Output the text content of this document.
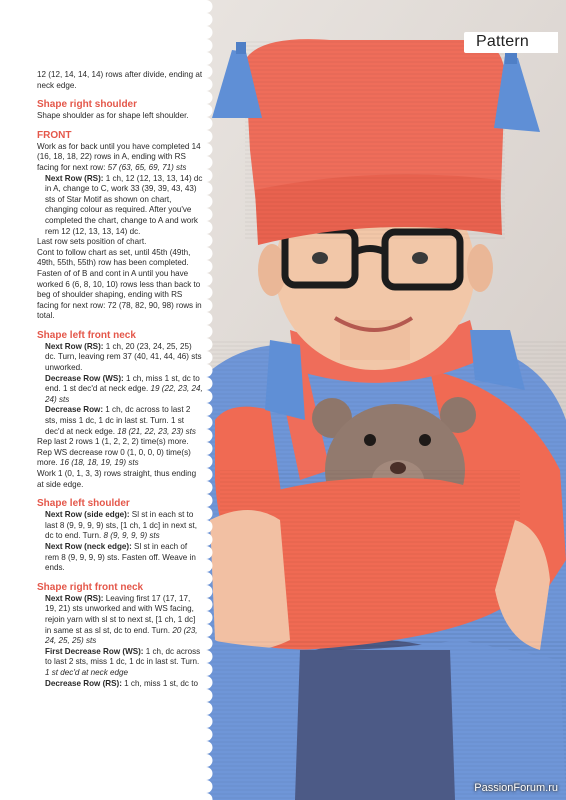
12 (12, 14, 14, 14) rows after divide, ending at neck edge.

Shape right shoulder

Shape shoulder as for shape left shoulder.

FRONT

Work as for back until you have completed 14 (16, 18, 18, 22) rows in A, ending with RS facing for next row: 57 (63, 65, 69, 71) sts

Next Row (RS): 1 ch, 12 (12, 13, 13, 14) dc in A, change to C, work 33 (39, 39, 43, 43) sts of Star Motif as shown on chart, changing colour as required. After you've completed the chart, change to A and work rem 12 (12, 13, 13, 14) dc.

Last row sets position of chart.

Cont to follow chart as set, until 45th (49th, 49th, 55th, 55th) row has been completed. Fasten of of B and cont in A until you have worked 6 (6, 8, 10, 10) rows less than back to beg of shoulder shaping, ending with RS facing for next row: 72 (78, 82, 90, 98) rows in total.

Shape left front neck

Next Row (RS): 1 ch, 20 (23, 24, 25, 25) dc. Turn, leaving rem 37 (40, 41, 44, 46) sts unworked.

Decrease Row (WS): 1 ch, miss 1 st, dc to end. 1 st dec'd at neck edge. 19 (22, 23, 24, 24) sts

Decrease Row: 1 ch, dc across to last 2 sts, miss 1 dc, 1 dc in last st. Turn. 1 st dec'd at neck edge. 18 (21, 22, 23, 23) sts

Rep last 2 rows 1 (1, 2, 2, 2) time(s) more.

Rep WS decrease row 0 (1, 0, 0, 0) time(s) more. 16 (18, 18, 19, 19) sts

Work 1 (0, 1, 3, 3) rows straight, thus ending at side edge.

Shape left shoulder

Next Row (side edge): Sl st in each st to last 8 (9, 9, 9, 9) sts, [1 ch, 1 dc] in next st, dc to end. Turn. 8 (9, 9, 9, 9) sts

Next Row (neck edge): Sl st in each of rem 8 (9, 9, 9, 9) sts. Fasten off. Weave in ends.

Shape right front neck

Next Row (RS): Leaving first 17 (17, 17, 19, 21) sts unworked and with WS facing, rejoin yarn with sl st to next st, [1 ch, 1 dc] in same st as sl st, dc to end. Turn. 20 (23, 24, 25, 25) sts

First Decrease Row (WS): 1 ch, dc across to last 2 sts, miss 1 dc, 1 dc in last st. Turn. 1 st dec'd at neck edge

Decrease Row (RS): 1 ch, miss 1 st, dc to

Pattern
PassionForum.ru
